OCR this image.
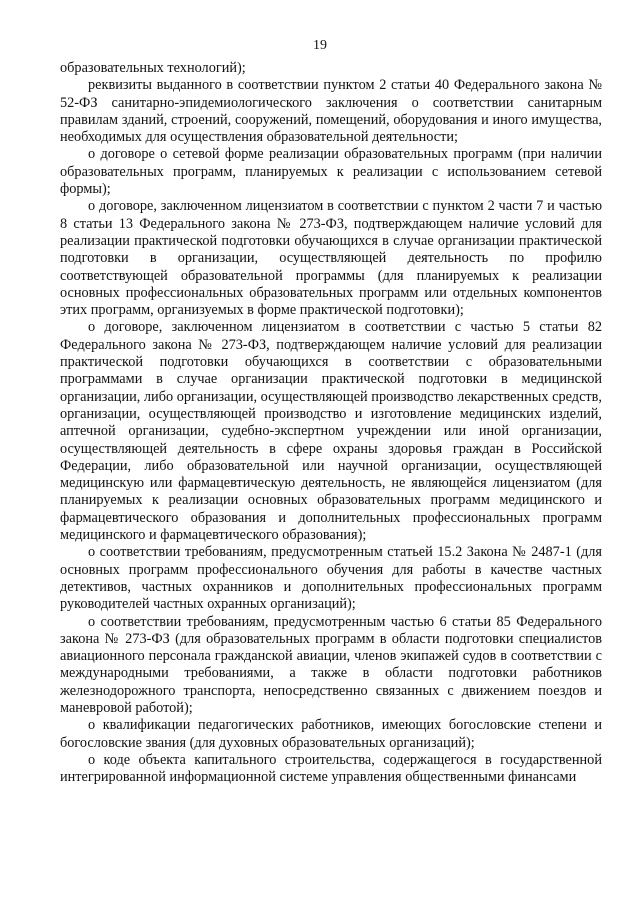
19

образовательных технологий);

реквизиты выданного в соответствии пунктом 2 статьи 40 Федерального закона № 52-ФЗ санитарно-эпидемиологического заключения о соответствии санитарным правилам зданий, строений, сооружений, помещений, оборудования и иного имущества, необходимых для осуществления образовательной деятельности;

о договоре о сетевой форме реализации образовательных программ (при наличии образовательных программ, планируемых к реализации с использованием сетевой формы);

о договоре, заключенном лицензиатом в соответствии с пунктом 2 части 7 и частью 8 статьи 13 Федерального закона № 273-ФЗ, подтверждающем наличие условий для реализации практической подготовки обучающихся в случае организации практической подготовки в организации, осуществляющей деятельность по профилю соответствующей образовательной программы (для планируемых к реализации основных профессиональных образовательных программ или отдельных компонентов этих программ, организуемых в форме практической подготовки);

о договоре, заключенном лицензиатом в соответствии с частью 5 статьи 82 Федерального закона № 273-ФЗ, подтверждающем наличие условий для реализации практической подготовки обучающихся в соответствии с образовательными программами в случае организации практической подготовки в медицинской организации, либо организации, осуществляющей производство лекарственных средств, организации, осуществляющей производство и изготовление медицинских изделий, аптечной организации, судебно-экспертном учреждении или иной организации, осуществляющей деятельность в сфере охраны здоровья граждан в Российской Федерации, либо образовательной или научной организации, осуществляющей медицинскую или фармацевтическую деятельность, не являющейся лицензиатом (для планируемых к реализации основных образовательных программ медицинского и фармацевтического образования и дополнительных профессиональных программ медицинского и фармацевтического образования);

о соответствии требованиям, предусмотренным статьей 15.2 Закона № 2487-1 (для основных программ профессионального обучения для работы в качестве частных детективов, частных охранников и дополнительных профессиональных программ руководителей частных охранных организаций);

о соответствии требованиям, предусмотренным частью 6 статьи 85 Федерального закона № 273-ФЗ (для образовательных программ в области подготовки специалистов авиационного персонала гражданской авиации, членов экипажей судов в соответствии с международными требованиями, а также в области подготовки работников железнодорожного транспорта, непосредственно связанных с движением поездов и маневровой работой);

о квалификации педагогических работников, имеющих богословские степени и богословские звания (для духовных образовательных организаций);

о коде объекта капитального строительства, содержащегося в государственной интегрированной информационной системе управления общественными финансами
